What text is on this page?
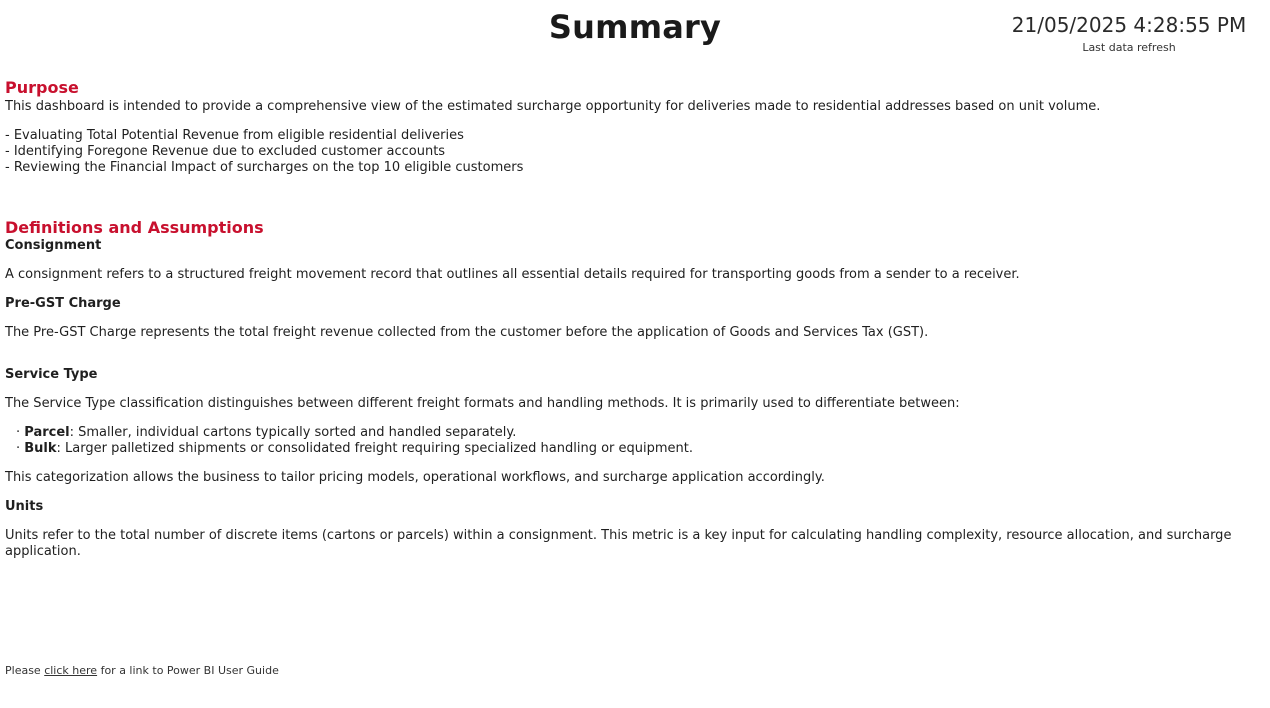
Summary	21/05/2025 4:28:55 PM
Last data refresh
Purpose

This dashboard is intended to provide a comprehensive view of the estimated surcharge opportunity for deliveries made to residential addresses based on unit volume.

- Evaluating Total Potential Revenue from eligible residential deliveries
- Identifying Foregone Revenue due to excluded customer accounts
- Reviewing the Financial Impact of surcharges on the top 10 eligible customers
Definitions and Assumptions
Consignment

A consignment refers to a structured freight movement record that outlines all essential details required for transporting goods from a sender to a receiver.

Pre-GST Charge

The Pre-GST Charge represents the total freight revenue collected from the customer before the application of Goods and Services Tax (GST).

Service Type

The Service Type classification distinguishes between different freight formats and handling methods. It is primarily used to differentiate between:

· Parcel: Smaller, individual cartons typically sorted and handled separately.
· Bulk: Larger palletized shipments or consolidated freight requiring specialized handling or equipment.

This categorization allows the business to tailor pricing models, operational workflows, and surcharge application accordingly.

Units

Units refer to the total number of discrete items (cartons or parcels) within a consignment. This metric is a key input for calculating handling complexity, resource allocation, and surcharge application.

Please click here for a link to Power BI User Guide
